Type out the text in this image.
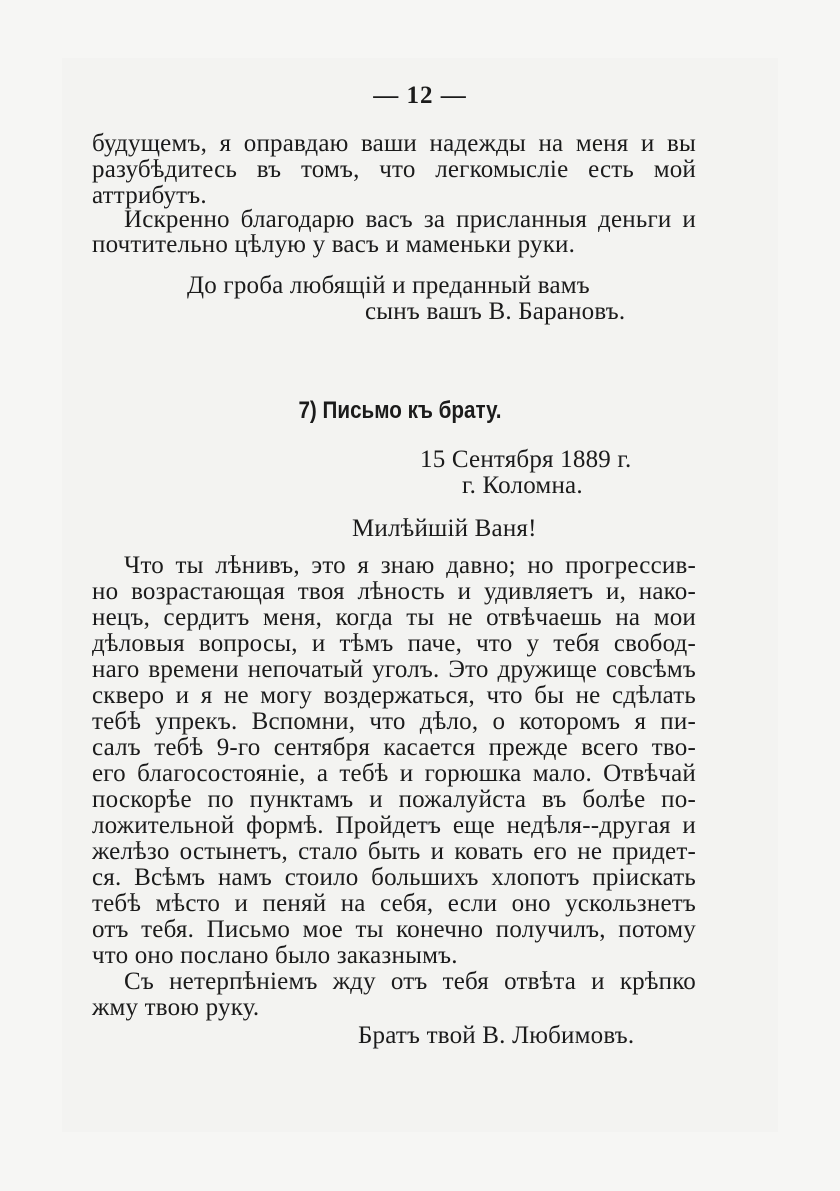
— 12 —
будущемъ, я оправдаю ваши надежды на меня и вы
разубѣдитесь въ томъ, что легкомысліе есть мой
аттрибутъ.
Искренно благодарю васъ за присланныя деньги и
почтительно цѣлую у васъ и маменьки руки.
До гроба любящій и преданный вамъ
сынъ вашъ В. Барановъ.
7) Письмо къ брату.
15 Сентября 1889 г.
г. Коломна.
Милѣйшій Ваня!
Что ты лѣнивъ, это я знаю давно; но прогрессив-
но возрастающая твоя лѣность и удивляетъ и, нако-
нецъ, сердитъ меня, когда ты не отвѣчаешь на мои
дѣловыя вопросы, и тѣмъ паче, что у тебя свобод-
наго времени непочатый уголъ. Это дружище совсѣмъ
скверо и я не могу воздержаться, что бы не сдѣлать
тебѣ упрекъ. Вспомни, что дѣло, о которомъ я пи-
салъ тебѣ 9-го сентября касается прежде всего тво-
его благосостояніе, а тебѣ и горюшка мало. Отвѣчай
поскорѣе по пунктамъ и пожалуйста въ болѣе по-
ложительной формѣ. Пройдетъ еще недѣля--другая и
желѣзо остынетъ, стало быть и ковать его не придет-
ся. Всѣмъ намъ стоило большихъ хлопотъ пріискать
тебѣ мѣсто и пеняй на себя, если оно ускользнетъ
отъ тебя. Письмо мое ты конечно получилъ, потому
что оно послано было заказнымъ.
Съ нетерпѣніемъ жду отъ тебя отвѣта и крѣпко
жму твою руку.
Братъ твой В. Любимовъ.
